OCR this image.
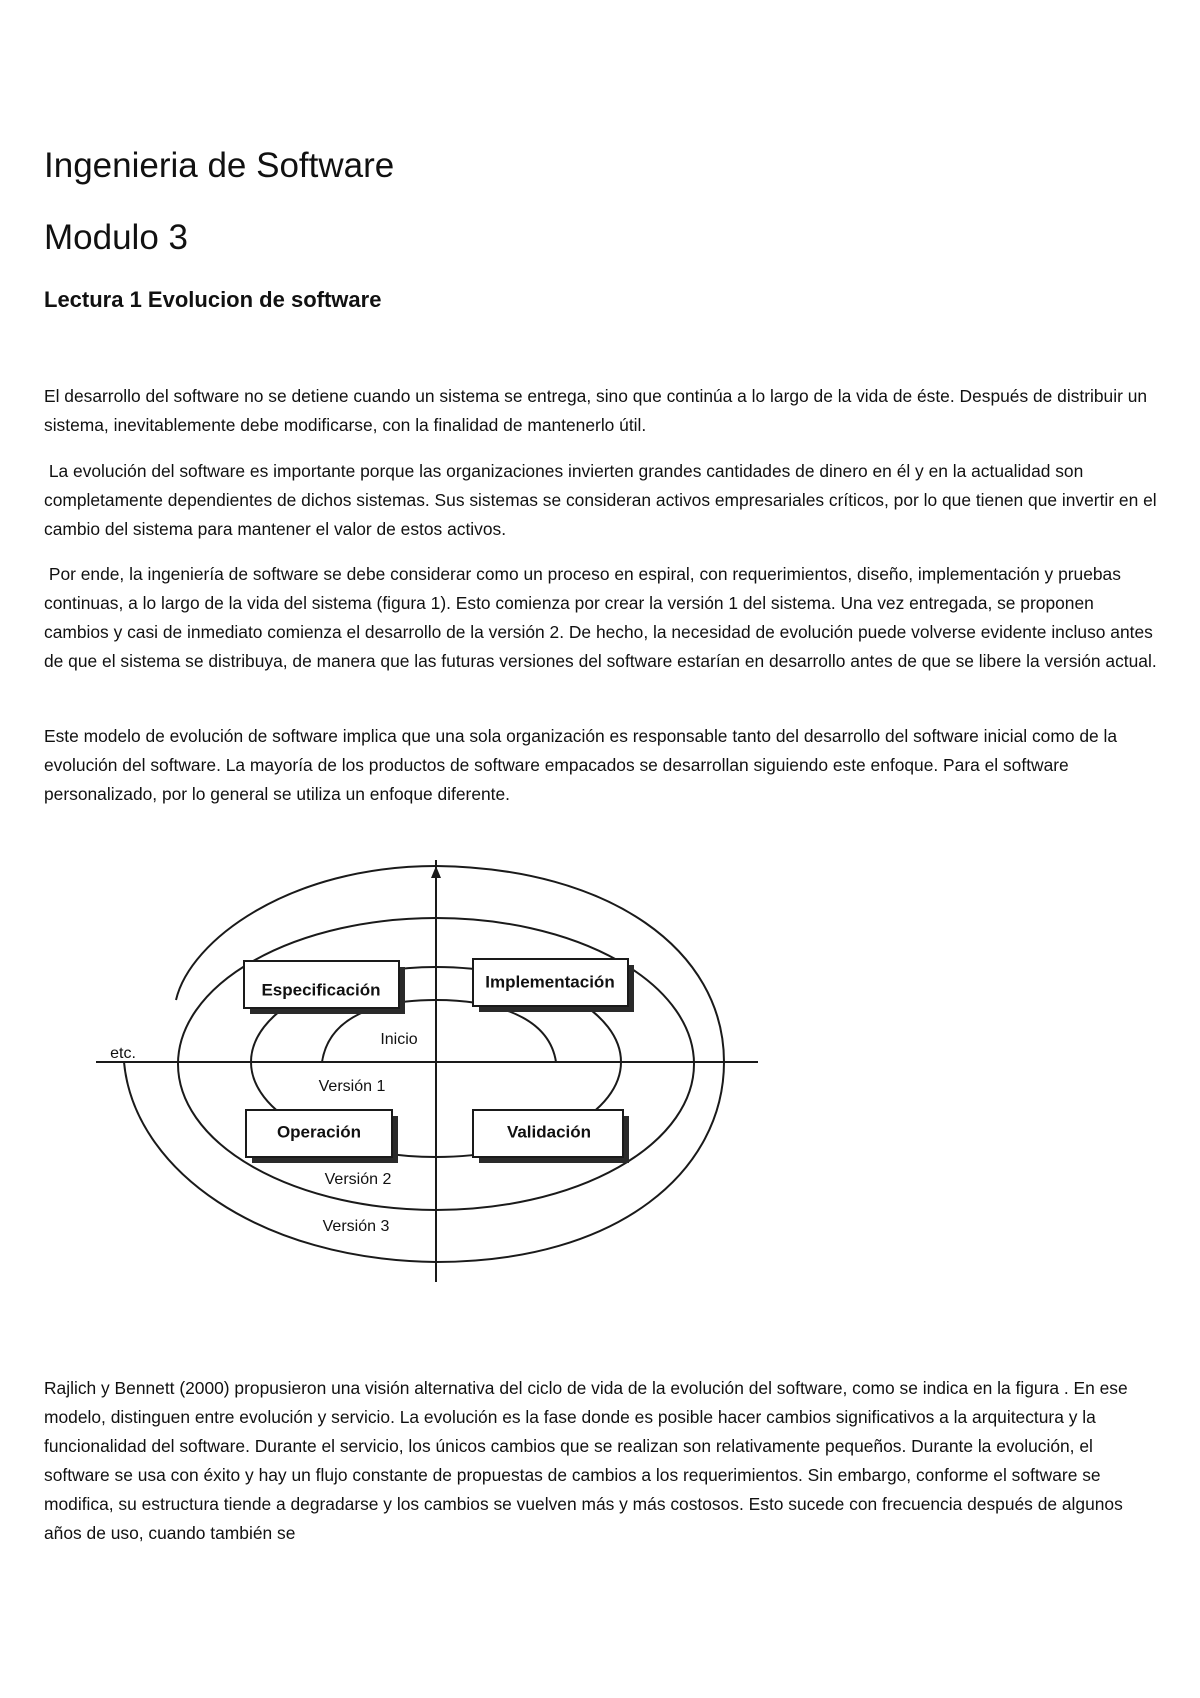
Ingenieria de Software
Modulo 3
Lectura 1 Evolucion de software

El desarrollo del software no se detiene cuando un sistema se entrega, sino que continúa a lo largo de la vida de éste. Después de distribuir un sistema, inevitablemente debe modificarse, con la finalidad de mantenerlo útil.

La evolución del software es importante porque las organizaciones invierten grandes cantidades de dinero en él y en la actualidad son completamente dependientes de dichos sistemas. Sus sistemas se consideran activos empresariales críticos, por lo que tienen que invertir en el cambio del sistema para mantener el valor de estos activos.

Por ende, la ingeniería de software se debe considerar como un proceso en espiral, con requerimientos, diseño, implementación y pruebas continuas, a lo largo de la vida del sistema (figura 1). Esto comienza por crear la versión 1 del sistema. Una vez entregada, se proponen cambios y casi de inmediato comienza el desarrollo de la versión 2. De hecho, la necesidad de evolución puede volverse evidente incluso antes de que el sistema se distribuya, de manera que las futuras versiones del software estarían en desarrollo antes de que se libere la versión actual.

Este modelo de evolución de software implica que una sola organización es responsable tanto del desarrollo del software inicial como de la evolución del software. La mayoría de los productos de software empacados se desarrollan siguiendo este enfoque. Para el software personalizado, por lo general se utiliza un enfoque diferente.

Especificación	Implementación
Operación	Validación
Inicio
Versión 1
Versión 2
Versión 3
etc.

Rajlich y Bennett (2000) propusieron una visión alternativa del ciclo de vida de la evolución del software, como se indica en la figura . En ese modelo, distinguen entre evolución y servicio. La evolución es la fase donde es posible hacer cambios significativos a la arquitectura y la funcionalidad del software. Durante el servicio, los únicos cambios que se realizan son relativamente pequeños. Durante la evolución, el software se usa con éxito y hay un flujo constante de propuestas de cambios a los requerimientos. Sin embargo, conforme el software se modifica, su estructura tiende a degradarse y los cambios se vuelven más y más costosos. Esto sucede con frecuencia después de algunos años de uso, cuando también se
